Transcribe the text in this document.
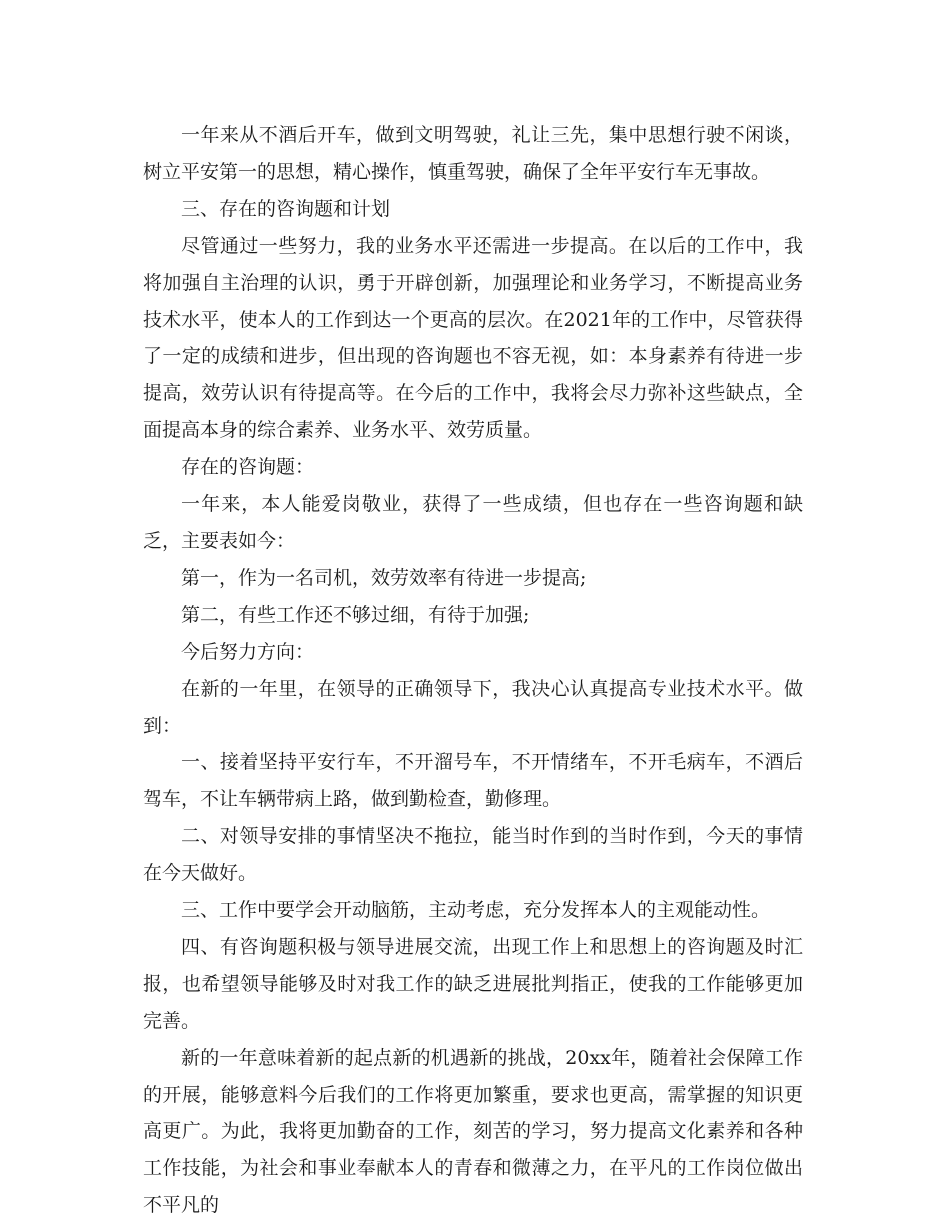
一年来从不酒后开车，做到文明驾驶，礼让三先，集中思想行驶不闲谈，树立平安第一的思想，精心操作，慎重驾驶，确保了全年平安行车无事故。

三、存在的咨询题和计划

尽管通过一些努力，我的业务水平还需进一步提高。在以后的工作中，我将加强自主治理的认识，勇于开辟创新，加强理论和业务学习，不断提高业务技术水平，使本人的工作到达一个更高的层次。在2021年的工作中，尽管获得了一定的成绩和进步，但出现的咨询题也不容无视，如：本身素养有待进一步提高，效劳认识有待提高等。在今后的工作中，我将会尽力弥补这些缺点，全面提高本身的综合素养、业务水平、效劳质量。

存在的咨询题：

一年来，本人能爱岗敬业，获得了一些成绩，但也存在一些咨询题和缺乏，主要表如今：

第一，作为一名司机，效劳效率有待进一步提高;

第二，有些工作还不够过细，有待于加强;

今后努力方向：

在新的一年里，在领导的正确领导下，我决心认真提高专业技术水平。做到：

一、接着坚持平安行车，不开溜号车，不开情绪车，不开毛病车，不酒后驾车，不让车辆带病上路，做到勤检查，勤修理。

二、对领导安排的事情坚决不拖拉，能当时作到的当时作到，今天的事情在今天做好。

三、工作中要学会开动脑筋，主动考虑，充分发挥本人的主观能动性。

四、有咨询题积极与领导进展交流，出现工作上和思想上的咨询题及时汇报，也希望领导能够及时对我工作的缺乏进展批判指正，使我的工作能够更加完善。

新的一年意味着新的起点新的机遇新的挑战，20xx年，随着社会保障工作的开展，能够意料今后我们的工作将更加繁重，要求也更高，需掌握的知识更高更广。为此，我将更加勤奋的工作，刻苦的学习，努力提高文化素养和各种工作技能，为社会和事业奉献本人的青春和微薄之力，在平凡的工作岗位做出不平凡的
